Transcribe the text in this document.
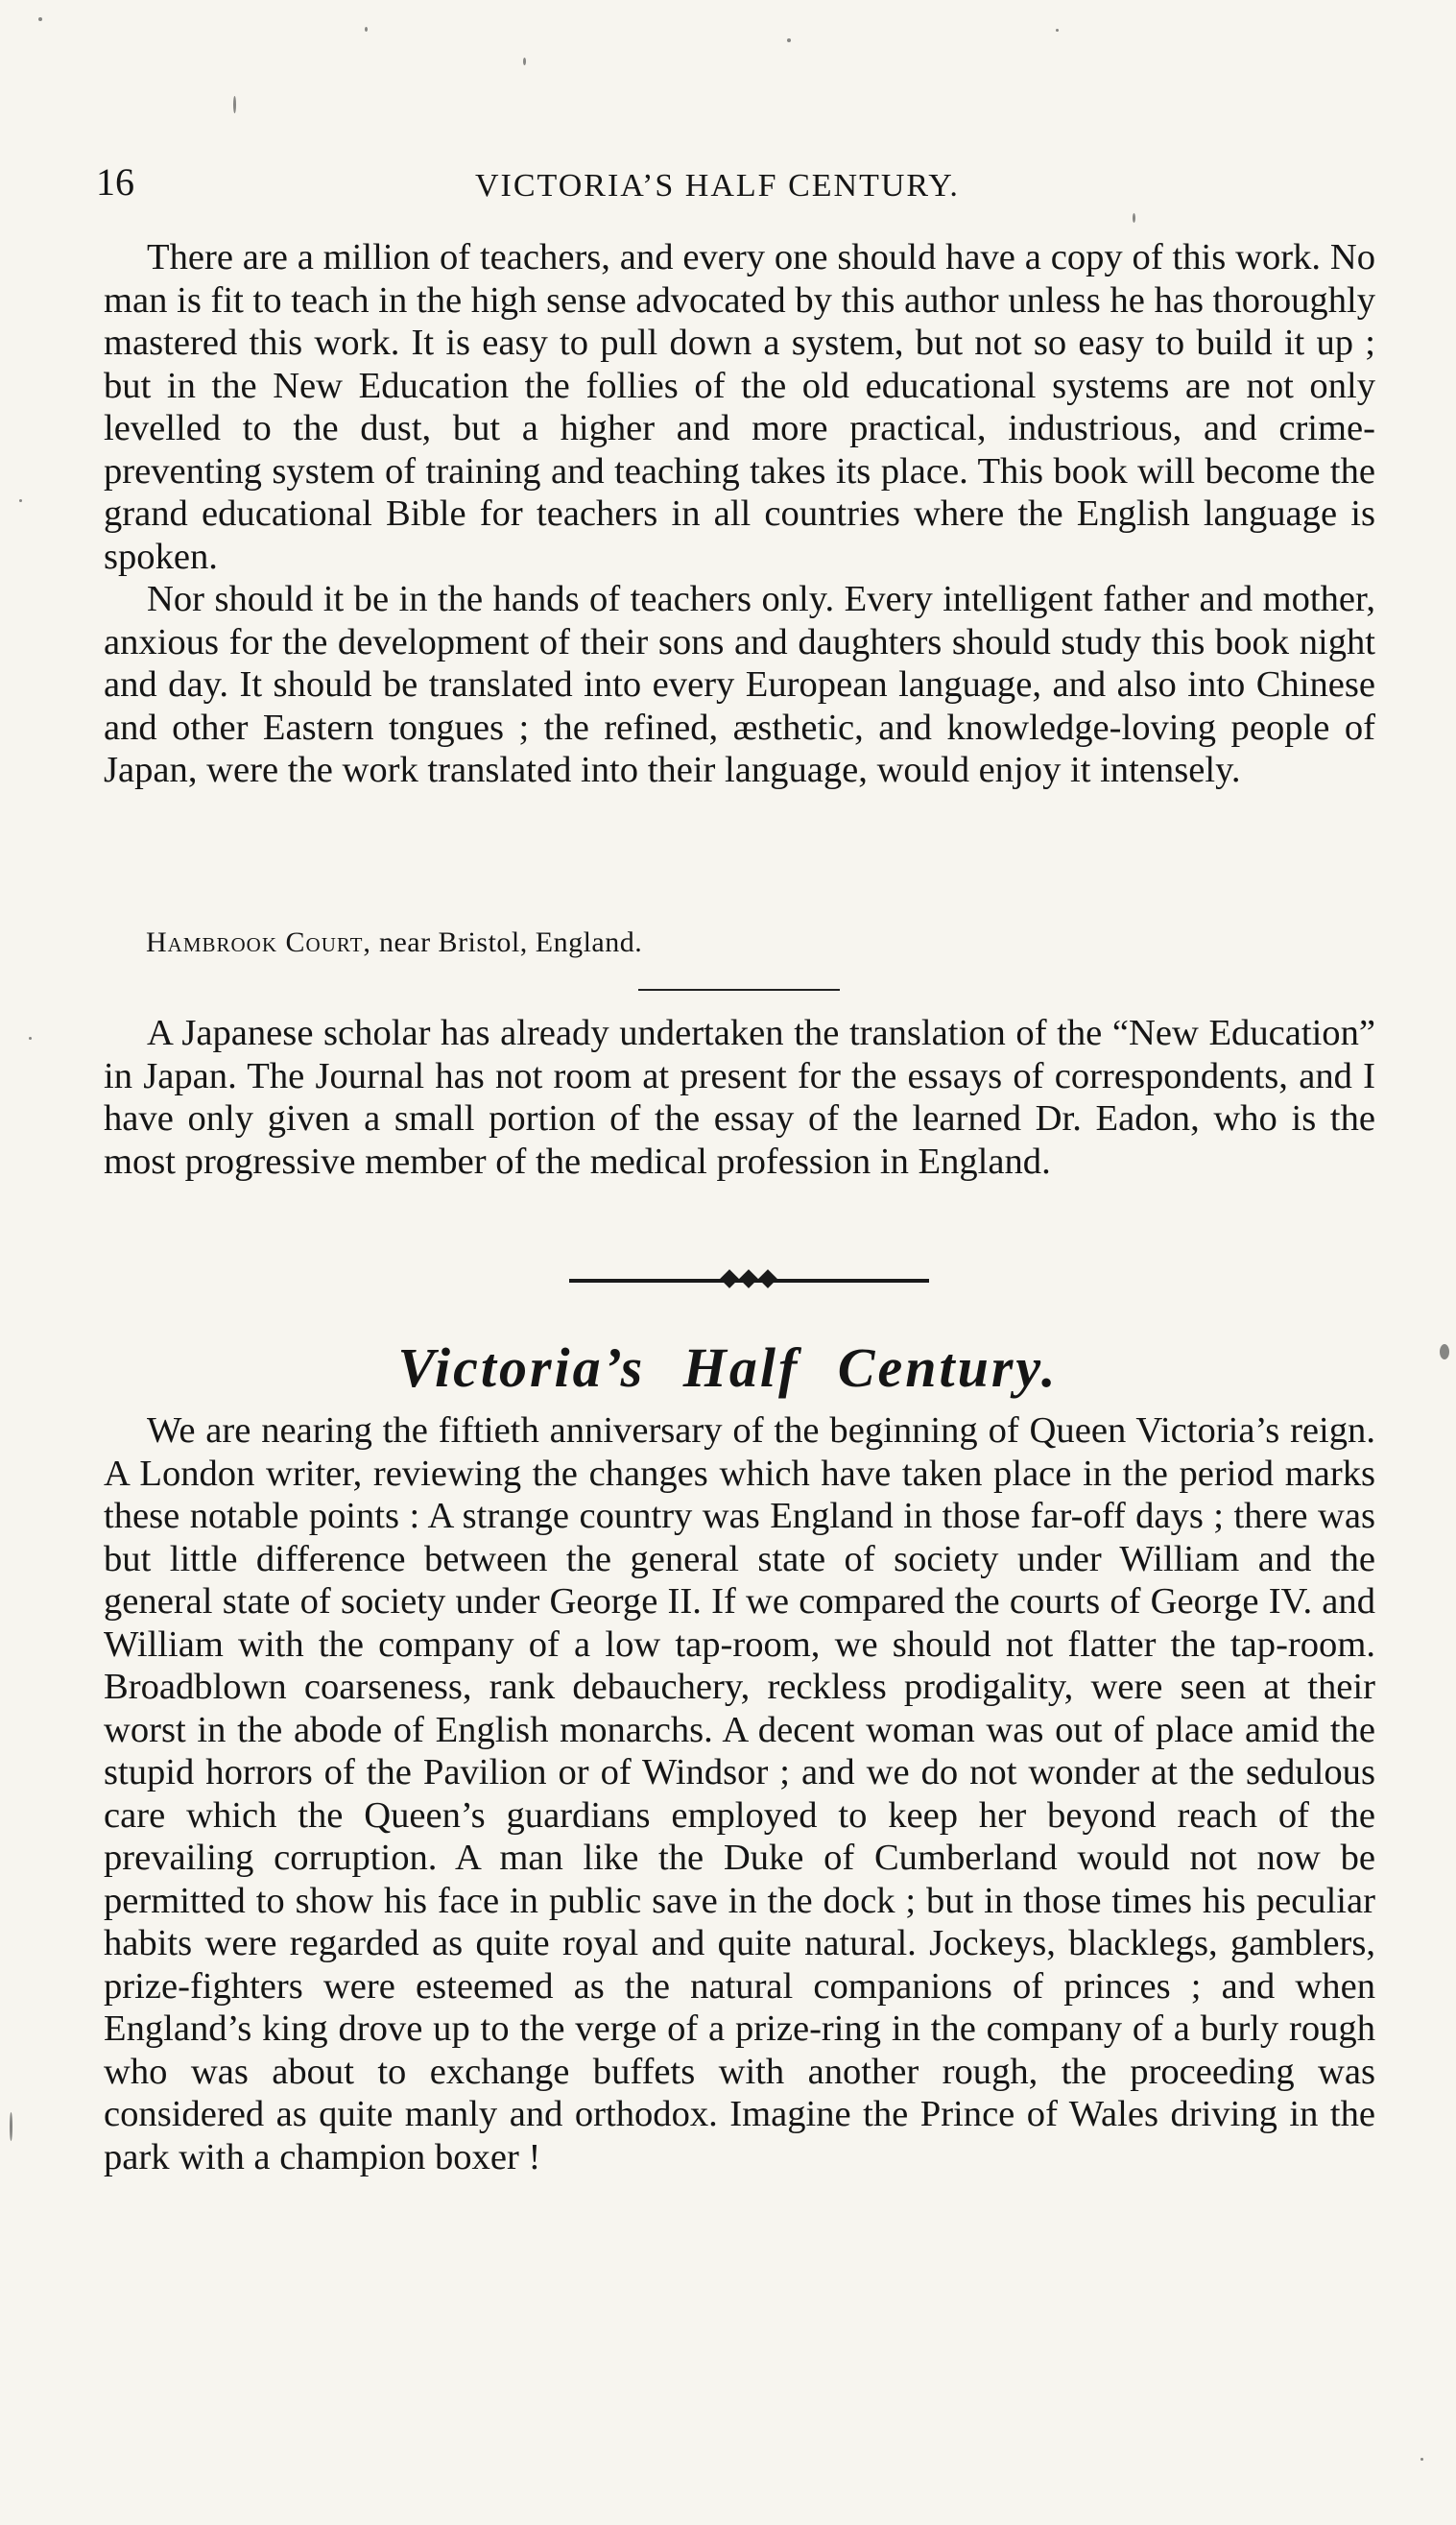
16	VICTORIA’S HALF CENTURY.

There are a million of teachers, and every one should have a copy of this work. No man is fit to teach in the high sense advocated by this author unless he has thoroughly mastered this work. It is easy to pull down a system, but not so easy to build it up ; but in the New Education the follies of the old educational systems are not only levelled to the dust, but a higher and more practical, industrious, and crime-preventing system of training and teaching takes its place. This book will become the grand educational Bible for teachers in all countries where the English language is spoken.

Nor should it be in the hands of teachers only. Every intelligent father and mother, anxious for the development of their sons and daughters should study this book night and day. It should be translated into every European language, and also into Chinese and other Eastern tongues ; the refined, æsthetic, and knowledge-loving people of Japan, were the work translated into their language, would enjoy it intensely.

Hambrook Court, near Bristol, England.

A Japanese scholar has already undertaken the translation of the “New Education” in Japan. The Journal has not room at present for the essays of correspondents, and I have only given a small portion of the essay of the learned Dr. Eadon, who is the most progressive member of the medical profession in England.

Victoria’s Half Century.

We are nearing the fiftieth anniversary of the beginning of Queen Victoria’s reign. A London writer, reviewing the changes which have taken place in the period marks these notable points : A strange country was England in those far-off days ; there was but little difference between the general state of society under William and the general state of society under George II. If we compared the courts of George IV. and William with the company of a low tap-room, we should not flatter the tap-room. Broadblown coarseness, rank debauchery, reckless prodigality, were seen at their worst in the abode of English monarchs. A decent woman was out of place amid the stupid horrors of the Pavilion or of Windsor ; and we do not wonder at the sedulous care which the Queen’s guardians employed to keep her beyond reach of the prevailing corruption. A man like the Duke of Cumberland would not now be permitted to show his face in public save in the dock ; but in those times his peculiar habits were regarded as quite royal and quite natural. Jockeys, blacklegs, gamblers, prize-fighters were esteemed as the natural companions of princes ; and when England’s king drove up to the verge of a prize-ring in the company of a burly rough who was about to exchange buffets with another rough, the proceeding was considered as quite manly and orthodox. Imagine the Prince of Wales driving in the park with a champion boxer !
